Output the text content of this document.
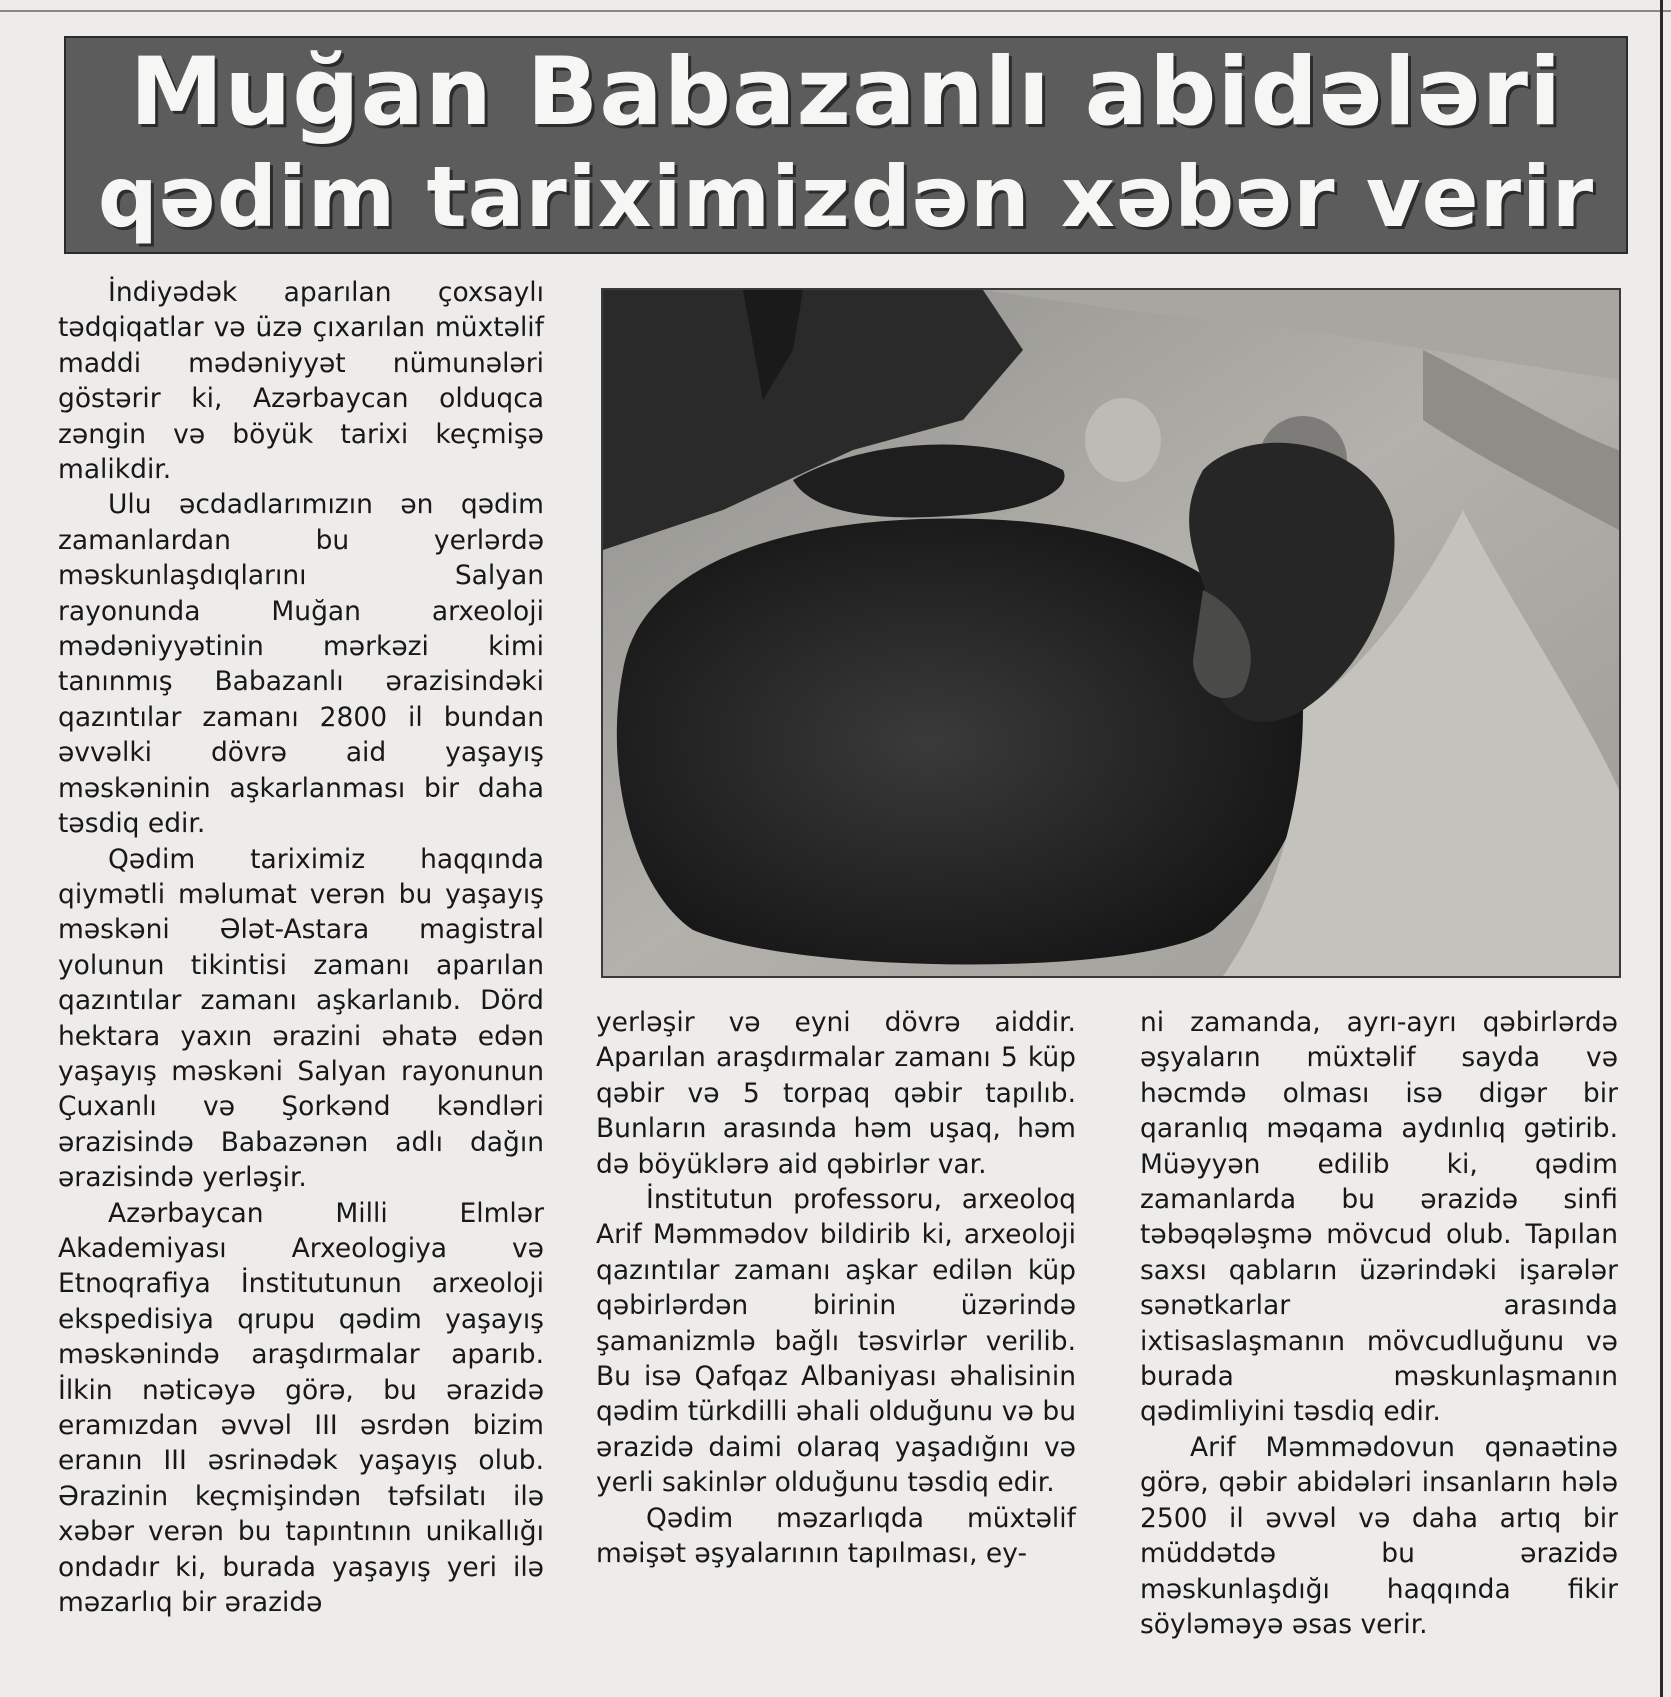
Muğan Babazanlı abidələri
qədim tariximizdən xəbər verir

İndiyədək aparılan çoxsaylı tədqiqatlar və üzə çıxarılan müxtəlif maddi mədəniyyət nümunələri göstərir ki, Azərbaycan olduqca zəngin və böyük tarixi keçmişə malikdir.

Ulu əcdadlarımızın ən qədim zamanlardan bu yerlərdə məskunlaşdıqlarını Salyan rayonunda Muğan arxeoloji mədəniyyətinin mərkəzi kimi tanınmış Babazanlı ərazisindəki qazıntılar zamanı 2800 il bundan əvvəlki dövrə aid yaşayış məskəninin aşkarlanması bir daha təsdiq edir.

Qədim tariximiz haqqında qiymətli məlumat verən bu yaşayış məskəni Ələt-Astara magistral yolunun tikintisi zamanı aparılan qazıntılar zamanı aşkarlanıb. Dörd hektara yaxın ərazini əhatə edən yaşayış məskəni Salyan rayonunun Çuxanlı və Şorkənd kəndləri ərazisində Babazənən adlı dağın ərazisində yerləşir.

Azərbaycan Milli Elmlər Akademiyası Arxeologiya və Etnoqrafiya İnstitutunun arxeoloji ekspedisiya qrupu qədim yaşayış məskənində araşdırmalar aparıb. İlkin nəticəyə görə, bu ərazidə eramızdan əvvəl III əsrdən bizim eranın III əsrinədək yaşayış olub. Ərazinin keçmişindən təfsilatı ilə xəbər verən bu tapıntının unikallığı ondadır ki, burada yaşayış yeri ilə məzarlıq bir ərazidə

yerləşir və eyni dövrə aiddir. Aparılan araşdırmalar zamanı 5 küp qəbir və 5 torpaq qəbir tapılıb. Bunların arasında həm uşaq, həm də böyüklərə aid qəbirlər var.

İnstitutun professoru, arxeoloq Arif Məmmədov bildirib ki, arxeoloji qazıntılar zamanı aşkar edilən küp qəbirlərdən birinin üzərində şamanizmlə bağlı təsvirlər verilib. Bu isə Qafqaz Albaniyası əhalisinin qədim türkdilli əhali olduğunu və bu ərazidə daimi olaraq yaşadığını və yerli sakinlər olduğunu təsdiq edir.

Qədim məzarlıqda müxtəlif məişət əşyalarının tapılması, ey-

ni zamanda, ayrı-ayrı qəbirlərdə əşyaların müxtəlif sayda və həcmdə olması isə digər bir qaranlıq məqama aydınlıq gətirib. Müəyyən edilib ki, qədim zamanlarda bu ərazidə sinfi təbəqələşmə mövcud olub. Tapılan saxsı qabların üzərindəki işarələr sənətkarlar arasında ixtisaslaşmanın mövcudluğunu və burada məskunlaşmanın qədimliyini təsdiq edir.

Arif Məmmədovun qənaətinə görə, qəbir abidələri insanların hələ 2500 il əvvəl və daha artıq bir müddətdə bu ərazidə məskunlaşdığı haqqında fikir söyləməyə əsas verir.
